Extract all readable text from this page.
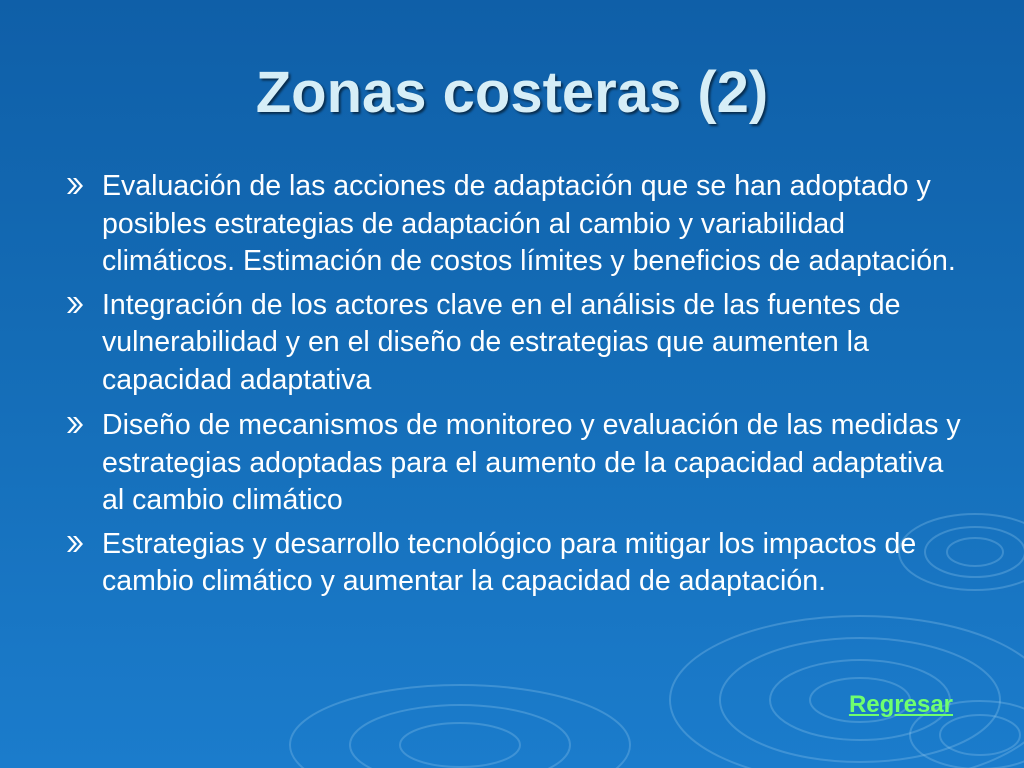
Zonas costeras (2)
Evaluación de las acciones de adaptación que se han adoptado y posibles estrategias de adaptación al cambio y variabilidad climáticos. Estimación de costos límites y beneficios de adaptación.
Integración de los actores clave en el análisis de las fuentes de vulnerabilidad y en el diseño de estrategias que aumenten la capacidad adaptativa
Diseño de mecanismos de monitoreo y evaluación de las medidas y estrategias adoptadas para el aumento de la capacidad adaptativa al cambio climático
Estrategias y desarrollo tecnológico para mitigar los impactos de cambio climático y aumentar la capacidad de adaptación.
Regresar
